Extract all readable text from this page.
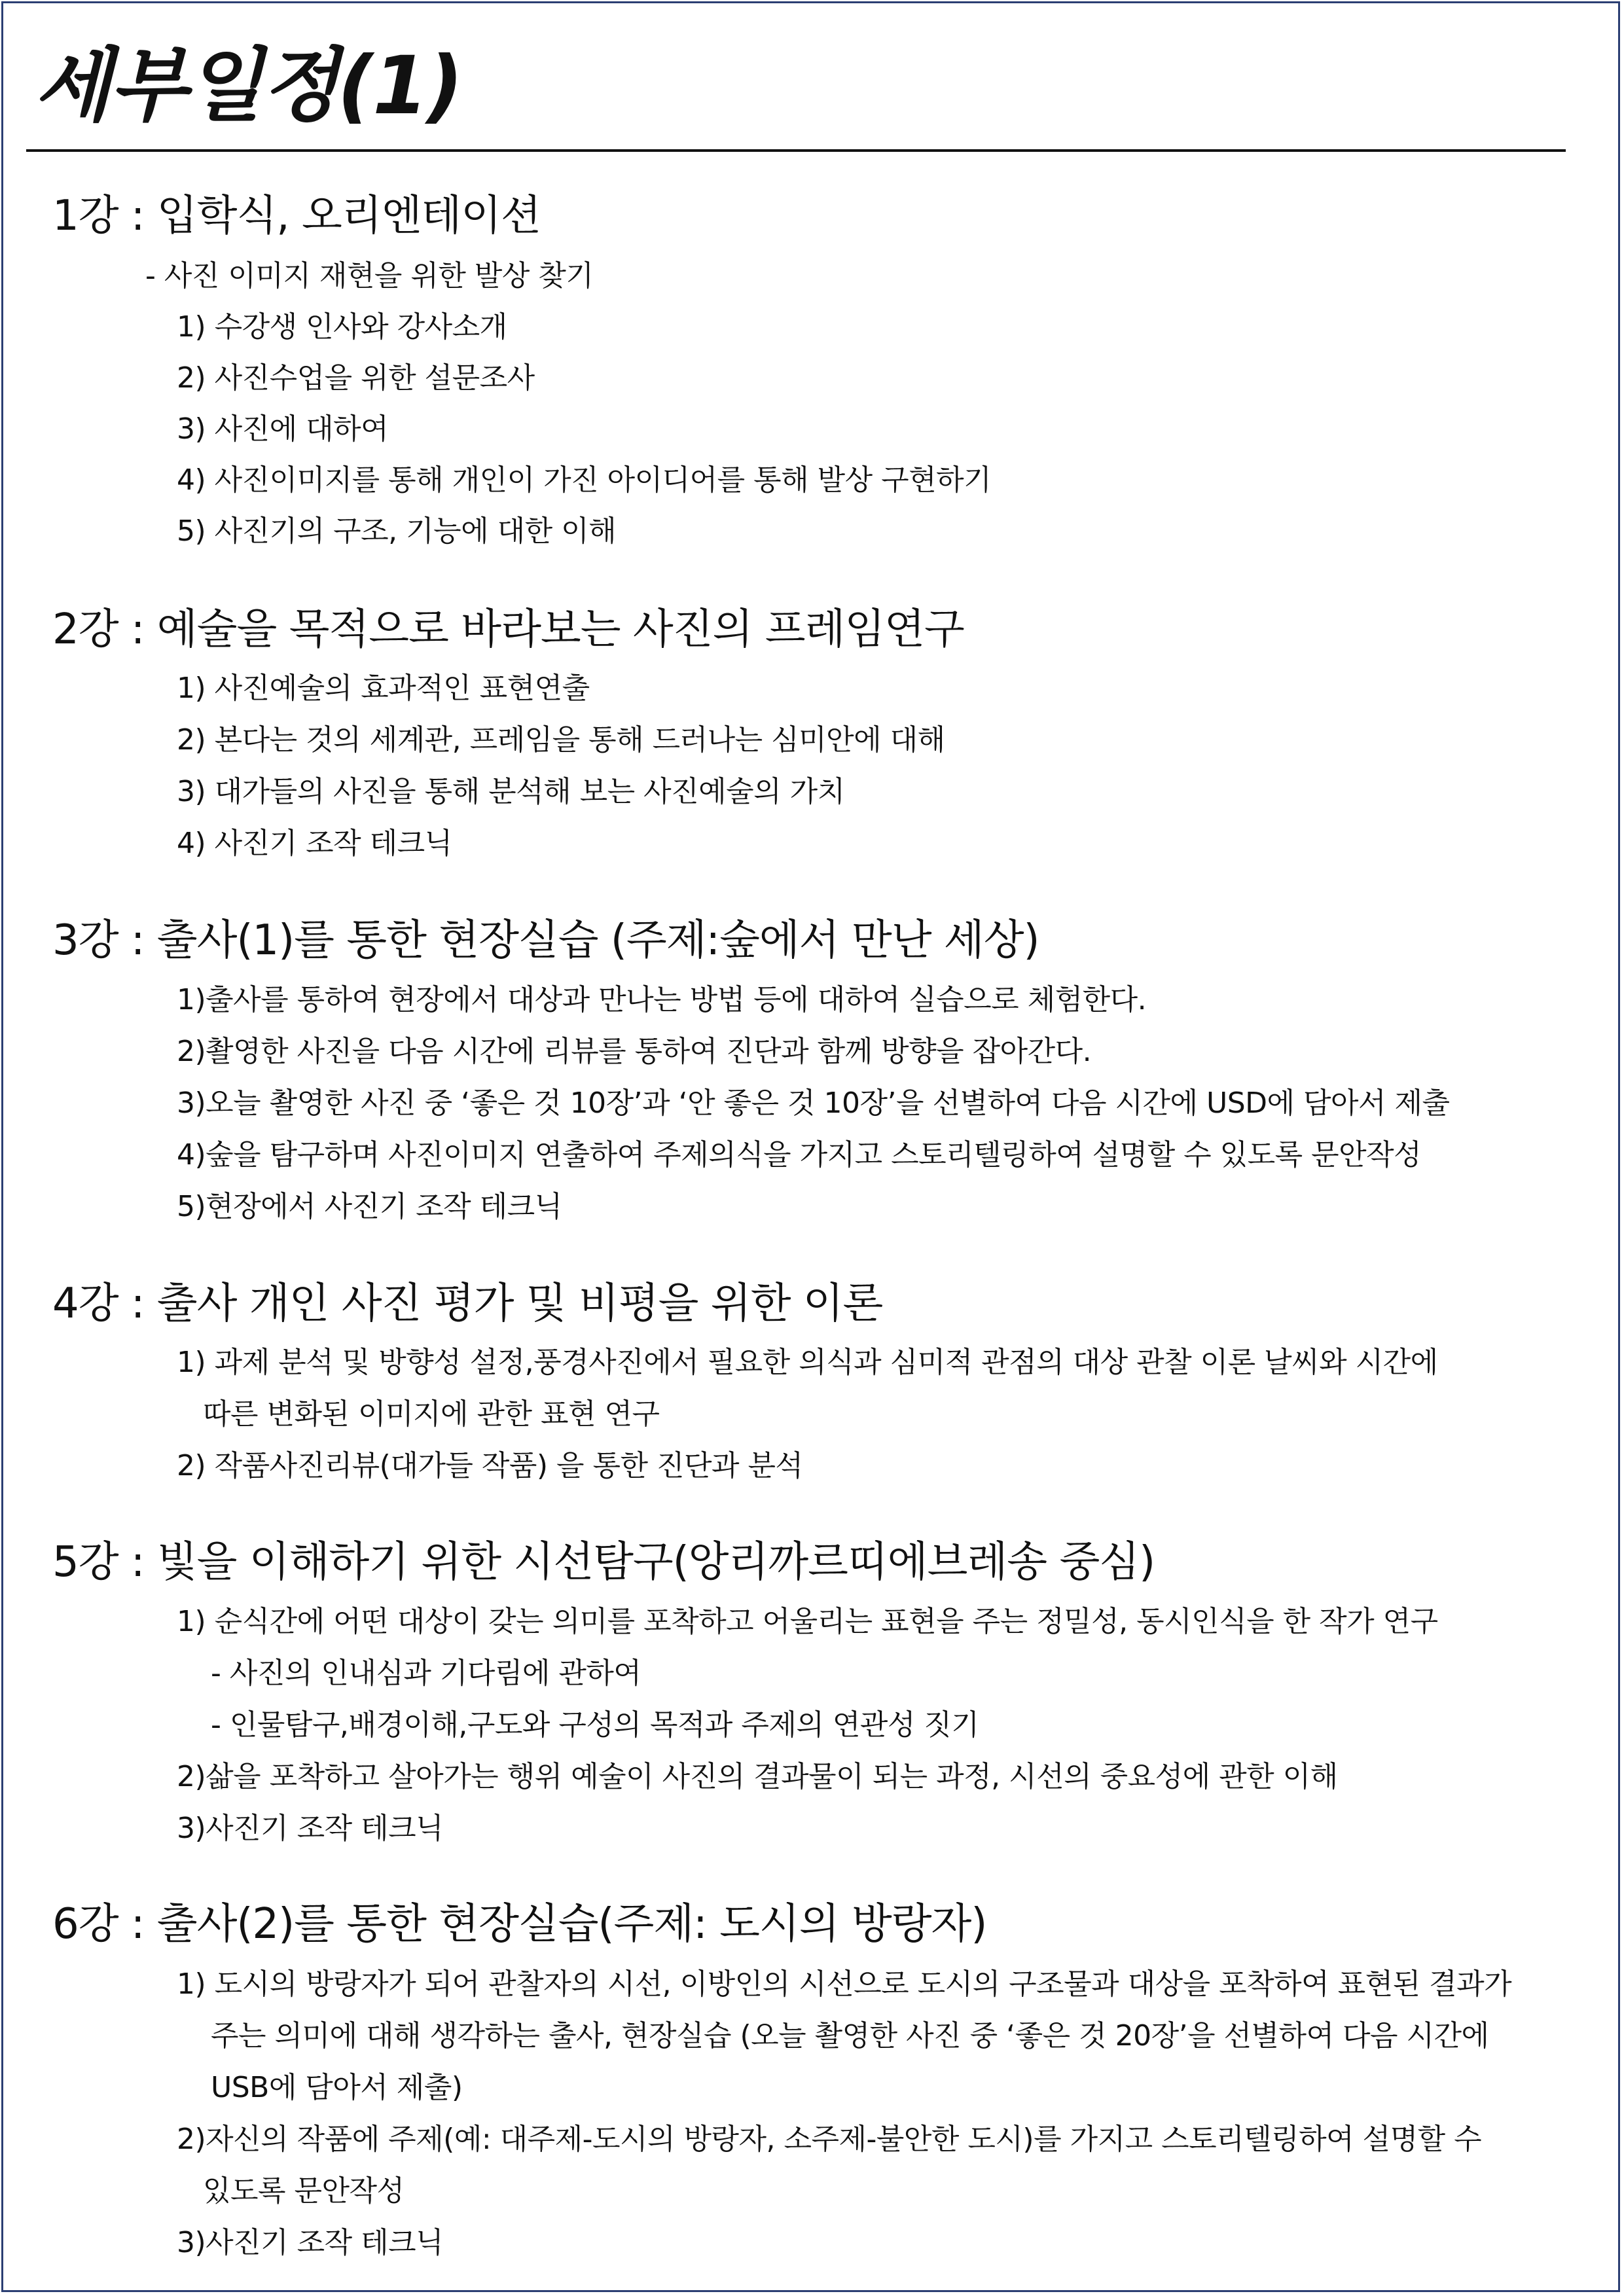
세부일정(1)
1강 : 입학식, 오리엔테이션
- 사진 이미지 재현을 위한 발상 찾기
1) 수강생 인사와 강사소개
2) 사진수업을 위한 설문조사
3) 사진에 대하여
4) 사진이미지를 통해 개인이 가진 아이디어를 통해 발상 구현하기
5) 사진기의 구조, 기능에 대한 이해
2강 : 예술을 목적으로 바라보는 사진의 프레임연구
1) 사진예술의 효과적인 표현연출
2) 본다는 것의 세계관, 프레임을 통해 드러나는 심미안에 대해
3) 대가들의 사진을 통해 분석해 보는 사진예술의 가치
4) 사진기 조작 테크닉
3강 : 출사(1)를 통한 현장실습 (주제:숲에서 만난 세상)
1)출사를 통하여 현장에서 대상과 만나는 방법 등에 대하여 실습으로 체험한다.
2)촬영한 사진을 다음 시간에 리뷰를 통하여 진단과 함께 방향을 잡아간다.
3)오늘 촬영한 사진 중 ‘좋은 것 10장’과 ‘안 좋은 것 10장’을 선별하여 다음 시간에 USD에 담아서 제출
4)숲을 탐구하며 사진이미지 연출하여 주제의식을 가지고 스토리텔링하여 설명할 수 있도록 문안작성
5)현장에서 사진기 조작 테크닉
4강 : 출사 개인 사진 평가 및 비평을 위한 이론
1) 과제 분석 및 방향성 설정,풍경사진에서 필요한 의식과 심미적 관점의 대상 관찰 이론 날씨와 시간에
따른 변화된 이미지에 관한 표현 연구
2) 작품사진리뷰(대가들 작품) 을 통한 진단과 분석
5강 : 빛을 이해하기 위한 시선탐구(앙리까르띠에브레송 중심)
1) 순식간에 어떤 대상이 갖는 의미를 포착하고 어울리는 표현을 주는 정밀성, 동시인식을 한 작가 연구
- 사진의 인내심과 기다림에 관하여
- 인물탐구,배경이해,구도와 구성의 목적과 주제의 연관성 짓기
2)삶을 포착하고 살아가는 행위 예술이 사진의 결과물이 되는 과정, 시선의 중요성에 관한 이해
3)사진기 조작 테크닉
6강 : 출사(2)를 통한 현장실습(주제: 도시의 방랑자)
1) 도시의 방랑자가 되어 관찰자의 시선, 이방인의 시선으로 도시의 구조물과 대상을 포착하여 표현된 결과가
주는 의미에 대해 생각하는 출사, 현장실습 (오늘 촬영한 사진 중 ‘좋은 것 20장’을 선별하여 다음 시간에
USB에 담아서 제출)
2)자신의 작품에 주제(예: 대주제-도시의 방랑자, 소주제-불안한 도시)를 가지고 스토리텔링하여 설명할 수
있도록 문안작성
3)사진기 조작 테크닉
